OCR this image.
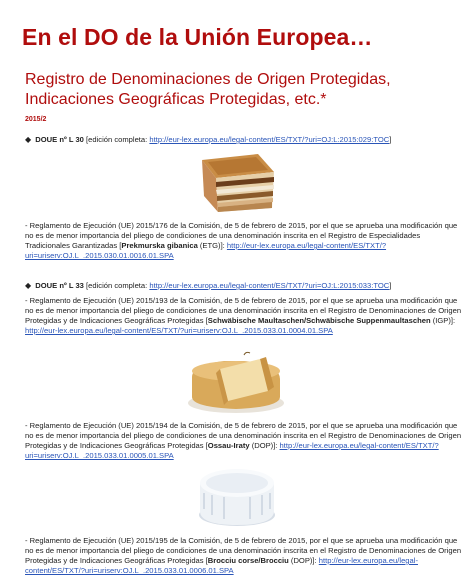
En el DO de la Unión Europea…
Registro de Denominaciones de Origen Protegidas, Indicaciones Geográficas Protegidas, etc.*
2015/2
◆ DOUE nº L 30 [edición completa: http://eur-lex.europa.eu/legal-content/ES/TXT/?uri=OJ:L:2015:029:TOC]
- Reglamento de Ejecución (UE) 2015/176 de la Comisión, de 5 de febrero de 2015, por el que se aprueba una modificación que no es de menor importancia del pliego de condiciones de una denominación inscrita en el Registro de Especialidades Tradicionales Garantizadas [Prekmurska gibanica (ETG)]: http://eur-lex.europa.eu/legal-content/ES/TXT/?uri=uriserv:OJ.L_.2015.030.01.0016.01.SPA
◆ DOUE nº L 33 [edición completa: http://eur-lex.europa.eu/legal-content/ES/TXT/?uri=OJ:L:2015:033:TOC]
- Reglamento de Ejecución (UE) 2015/193 de la Comisión, de 5 de febrero de 2015, por el que se aprueba una modificación que no es de menor importancia del pliego de condiciones de una denominación inscrita en el Registro de Denominaciones de Origen Protegidas y de Indicaciones Geográficas Protegidas [Schwäbische Maultaschen/Schwäbische Suppenmaultaschen (IGP)]: http://eur-lex.europa.eu/legal-content/ES/TXT/?uri=uriserv:OJ.L_.2015.033.01.0004.01.SPA
- Reglamento de Ejecución (UE) 2015/194 de la Comisión, de 5 de febrero de 2015, por el que se aprueba una modificación que no es de menor importancia del pliego de condiciones de una denominación inscrita en el Registro de Denominaciones de Origen Protegidas y de Indicaciones Geográficas Protegidas [Ossau-Iraty (DOP)]: http://eur-lex.europa.eu/legal-content/ES/TXT/?uri=uriserv:OJ.L_.2015.033.01.0005.01.SPA
- Reglamento de Ejecución (UE) 2015/195 de la Comisión, de 5 de febrero de 2015, por el que se aprueba una modificación que no es de menor importancia del pliego de condiciones de una denominación inscrita en el Registro de Denominaciones de Origen Protegidas y de Indicaciones Geográficas Protegidas [Brocciu corse/Brocciu (DOP)]: http://eur-lex.europa.eu/legal-content/ES/TXT/?uri=uriserv:OJ.L_.2015.033.01.0006.01.SPA
